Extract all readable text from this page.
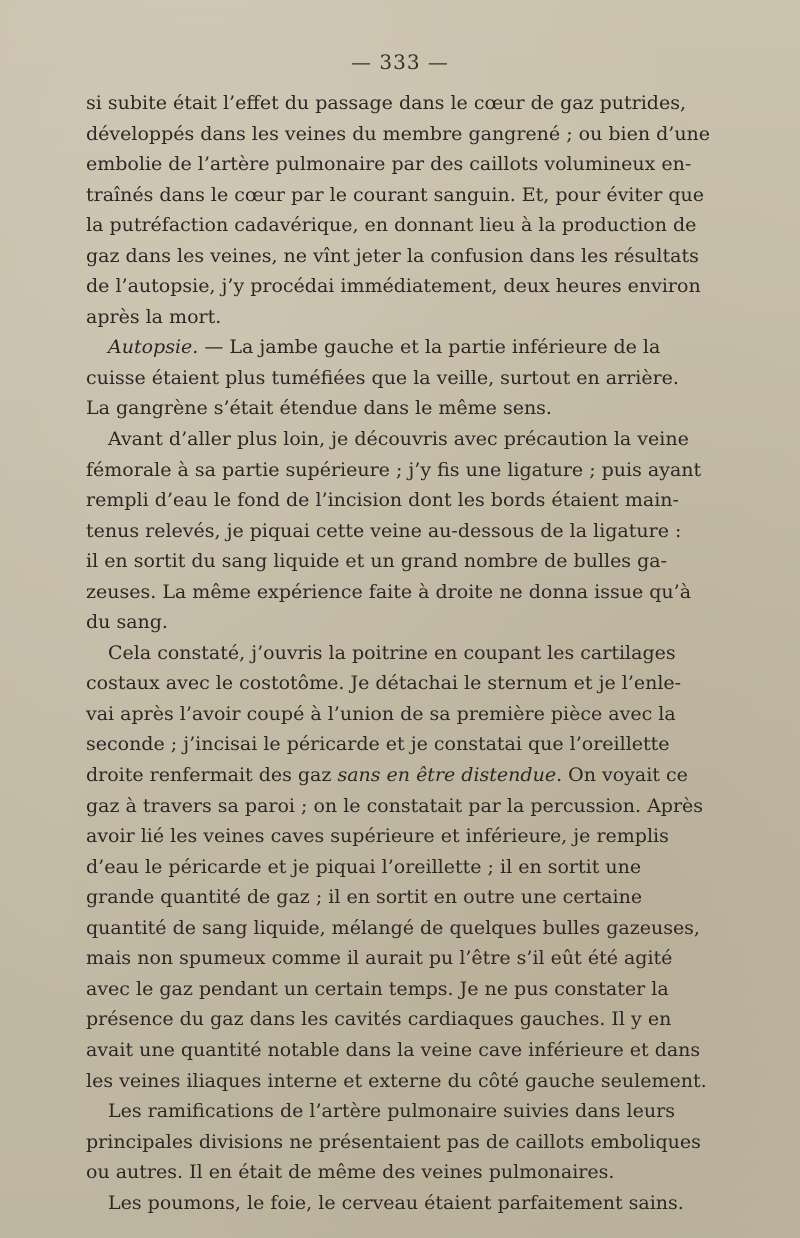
— 333 —
si subite était l’effet du passage dans le cœur de gaz putrides,
développés dans les veines du membre gangrené ; ou bien d’une
embolie de l’artère pulmonaire par des caillots volumineux en-
traînés dans le cœur par le courant sanguin. Et, pour éviter que
la putréfaction cadavérique, en donnant lieu à la production de
gaz dans les veines, ne vînt jeter la confusion dans les résultats
de l’autopsie, j’y procédai immédiatement, deux heures environ
après la mort.
Autopsie. — La jambe gauche et la partie inférieure de la
cuisse étaient plus tuméfiées que la veille, surtout en arrière.
La gangrène s’était étendue dans le même sens.
Avant d’aller plus loin, je découvris avec précaution la veine
fémorale à sa partie supérieure ; j’y fis une ligature ; puis ayant
rempli d’eau le fond de l’incision dont les bords étaient main-
tenus relevés, je piquai cette veine au-dessous de la ligature :
il en sortit du sang liquide et un grand nombre de bulles ga-
zeuses. La même expérience faite à droite ne donna issue qu’à
du sang.
Cela constaté, j’ouvris la poitrine en coupant les cartilages
costaux avec le costotôme. Je détachai le sternum et je l’enle-
vai après l’avoir coupé à l’union de sa première pièce avec la
seconde ; j’incisai le péricarde et je constatai que l’oreillette
droite renfermait des gaz sans en être distendue. On voyait ce
gaz à travers sa paroi ; on le constatait par la percussion. Après
avoir lié les veines caves supérieure et inférieure, je remplis
d’eau le péricarde et je piquai l’oreillette ; il en sortit une
grande quantité de gaz ; il en sortit en outre une certaine
quantité de sang liquide, mélangé de quelques bulles gazeuses,
mais non spumeux comme il aurait pu l’être s’il eût été agité
avec le gaz pendant un certain temps. Je ne pus constater la
présence du gaz dans les cavités cardiaques gauches. Il y en
avait une quantité notable dans la veine cave inférieure et dans
les veines iliaques interne et externe du côté gauche seulement.
Les ramifications de l’artère pulmonaire suivies dans leurs
principales divisions ne présentaient pas de caillots emboliques
ou autres. Il en était de même des veines pulmonaires.
Les poumons, le foie, le cerveau étaient parfaitement sains.
